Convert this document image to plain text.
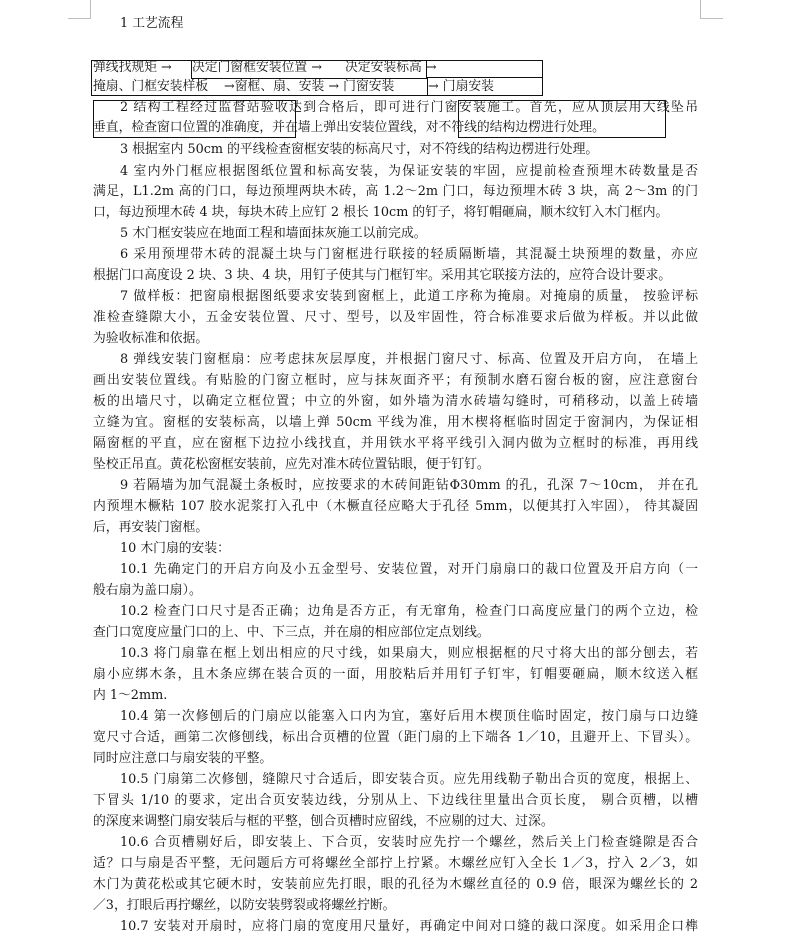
1 工艺流程
弹线找规矩 → 决定门窗框安装位置 → 决定安装标高 →
掩扇、门框安装样板 →窗框、扇、安装 → 门窗安装	→ 门扇安装
2 结构工程经过监督站验收达到合格后，即可进行门窗安装施工。首先，应从顶层用大线坠吊
垂直，检查窗口位置的准确度，并在墙上弹出安装位置线，对不符线的结构边楞进行处理。
3 根据室内 50cm 的平线检查窗框安装的标高尺寸，对不符线的结构边楞进行处理。
4 室内外门框应根据图纸位置和标高安装，为保证安装的牢固，应提前检查预埋木砖数量是否
满足，L1.2m 高的门口，每边预埋两块木砖，高 1.2～2m 门口，每边预埋木砖 3 块，高 2～3m 的门
口，每边预埋木砖 4 块，每块木砖上应钉 2 根长 10cm 的钉子，将钉帽砸扁，顺木纹钉入木门框内。
5 木门框安装应在地面工程和墙面抹灰施工以前完成。
6 采用预埋带木砖的混凝土块与门窗框进行联接的轻质隔断墙，其混凝土块预埋的数量，亦应
根据门口高度设 2 块、3 块、4 块，用钉子使其与门框钉牢。采用其它联接方法的，应符合设计要求。
7 做样板：把窗扇根据图纸要求安装到窗框上，此道工序称为掩扇。对掩扇的质量， 按验评标
准检查缝隙大小，五金安装位置、尺寸、型号，以及牢固性，符合标准要求后做为样板。并以此做
为验收标准和依据。
8 弹线安装门窗框扇：应考虑抹灰层厚度，并根据门窗尺寸、标高、位置及开启方向， 在墙上
画出安装位置线。有贴脸的门窗立框时，应与抹灰面齐平；有预制水磨石窗台板的窗，应注意窗台
板的出墙尺寸，以确定立框位置；中立的外窗，如外墙为清水砖墙勾缝时，可稍移动，以盖上砖墙
立缝为宜。窗框的安装标高，以墙上弹 50cm 平线为准，用木楔将框临时固定于窗洞内，为保证相
隔窗框的平直，应在窗框下边拉小线找直，并用铁水平将平线引入洞内做为立框时的标准，再用线
坠校正吊直。黄花松窗框安装前，应先对准木砖位置钻眼，便于钉钉。
9 若隔墙为加气混凝土条板时，应按要求的木砖间距钻Φ30mm 的孔，孔深 7～10cm， 并在孔
内预埋木橛粘 107 胶水泥浆打入孔中（木橛直径应略大于孔径 5mm，以便其打入牢固）， 待其凝固
后，再安装门窗框。
10 木门扇的安装：
10.1 先确定门的开启方向及小五金型号、安装位置，对开门扇扇口的裁口位置及开启方向（一
般右扇为盖口扇）。
10.2 检查门口尺寸是否正确；边角是否方正，有无窜角，检查门口高度应量门的两个立边，检
查门口宽度应量门口的上、中、下三点，并在扇的相应部位定点划线。
10.3 将门扇靠在框上划出相应的尺寸线，如果扇大，则应根据框的尺寸将大出的部分刨去，若
扇小应绑木条，且木条应绑在装合页的一面，用胶粘后并用钉子钉牢，钉帽要砸扁，顺木纹送入框
内 1～2mm.
10.4 第一次修刨后的门扇应以能塞入口内为宜，塞好后用木楔顶住临时固定，按门扇与口边缝
宽尺寸合适，画第二次修刨线，标出合页槽的位置（距门扇的上下端各 1／10，且避开上、下冒头）。
同时应注意口与扇安装的平整。
10.5 门扇第二次修刨，缝隙尺寸合适后，即安装合页。应先用线勒子勒出合页的宽度，根据上、
下冒头 1/10 的要求，定出合页安装边线，分别从上、下边线往里量出合页长度， 剔合页槽，以槽
的深度来调整门扇安装后与框的平整，刨合页槽时应留线，不应剔的过大、过深。
10.6 合页槽剔好后，即安装上、下合页，安装时应先拧一个螺丝，然后关上门检查缝隙是否合
适？口与扇是否平整，无问题后方可将螺丝全部拧上拧紧。木螺丝应钉入全长 1／3，拧入 2／3，如
木门为黄花松或其它硬木时，安装前应先打眼，眼的孔径为木螺丝直径的 0.9 倍，眼深为螺丝长的 2
／3，打眼后再拧螺丝，以防安装劈裂或将螺丝拧断。
10.7 安装对开扇时，应将门扇的宽度用尺量好，再确定中间对口缝的裁口深度。如采用企口榫
